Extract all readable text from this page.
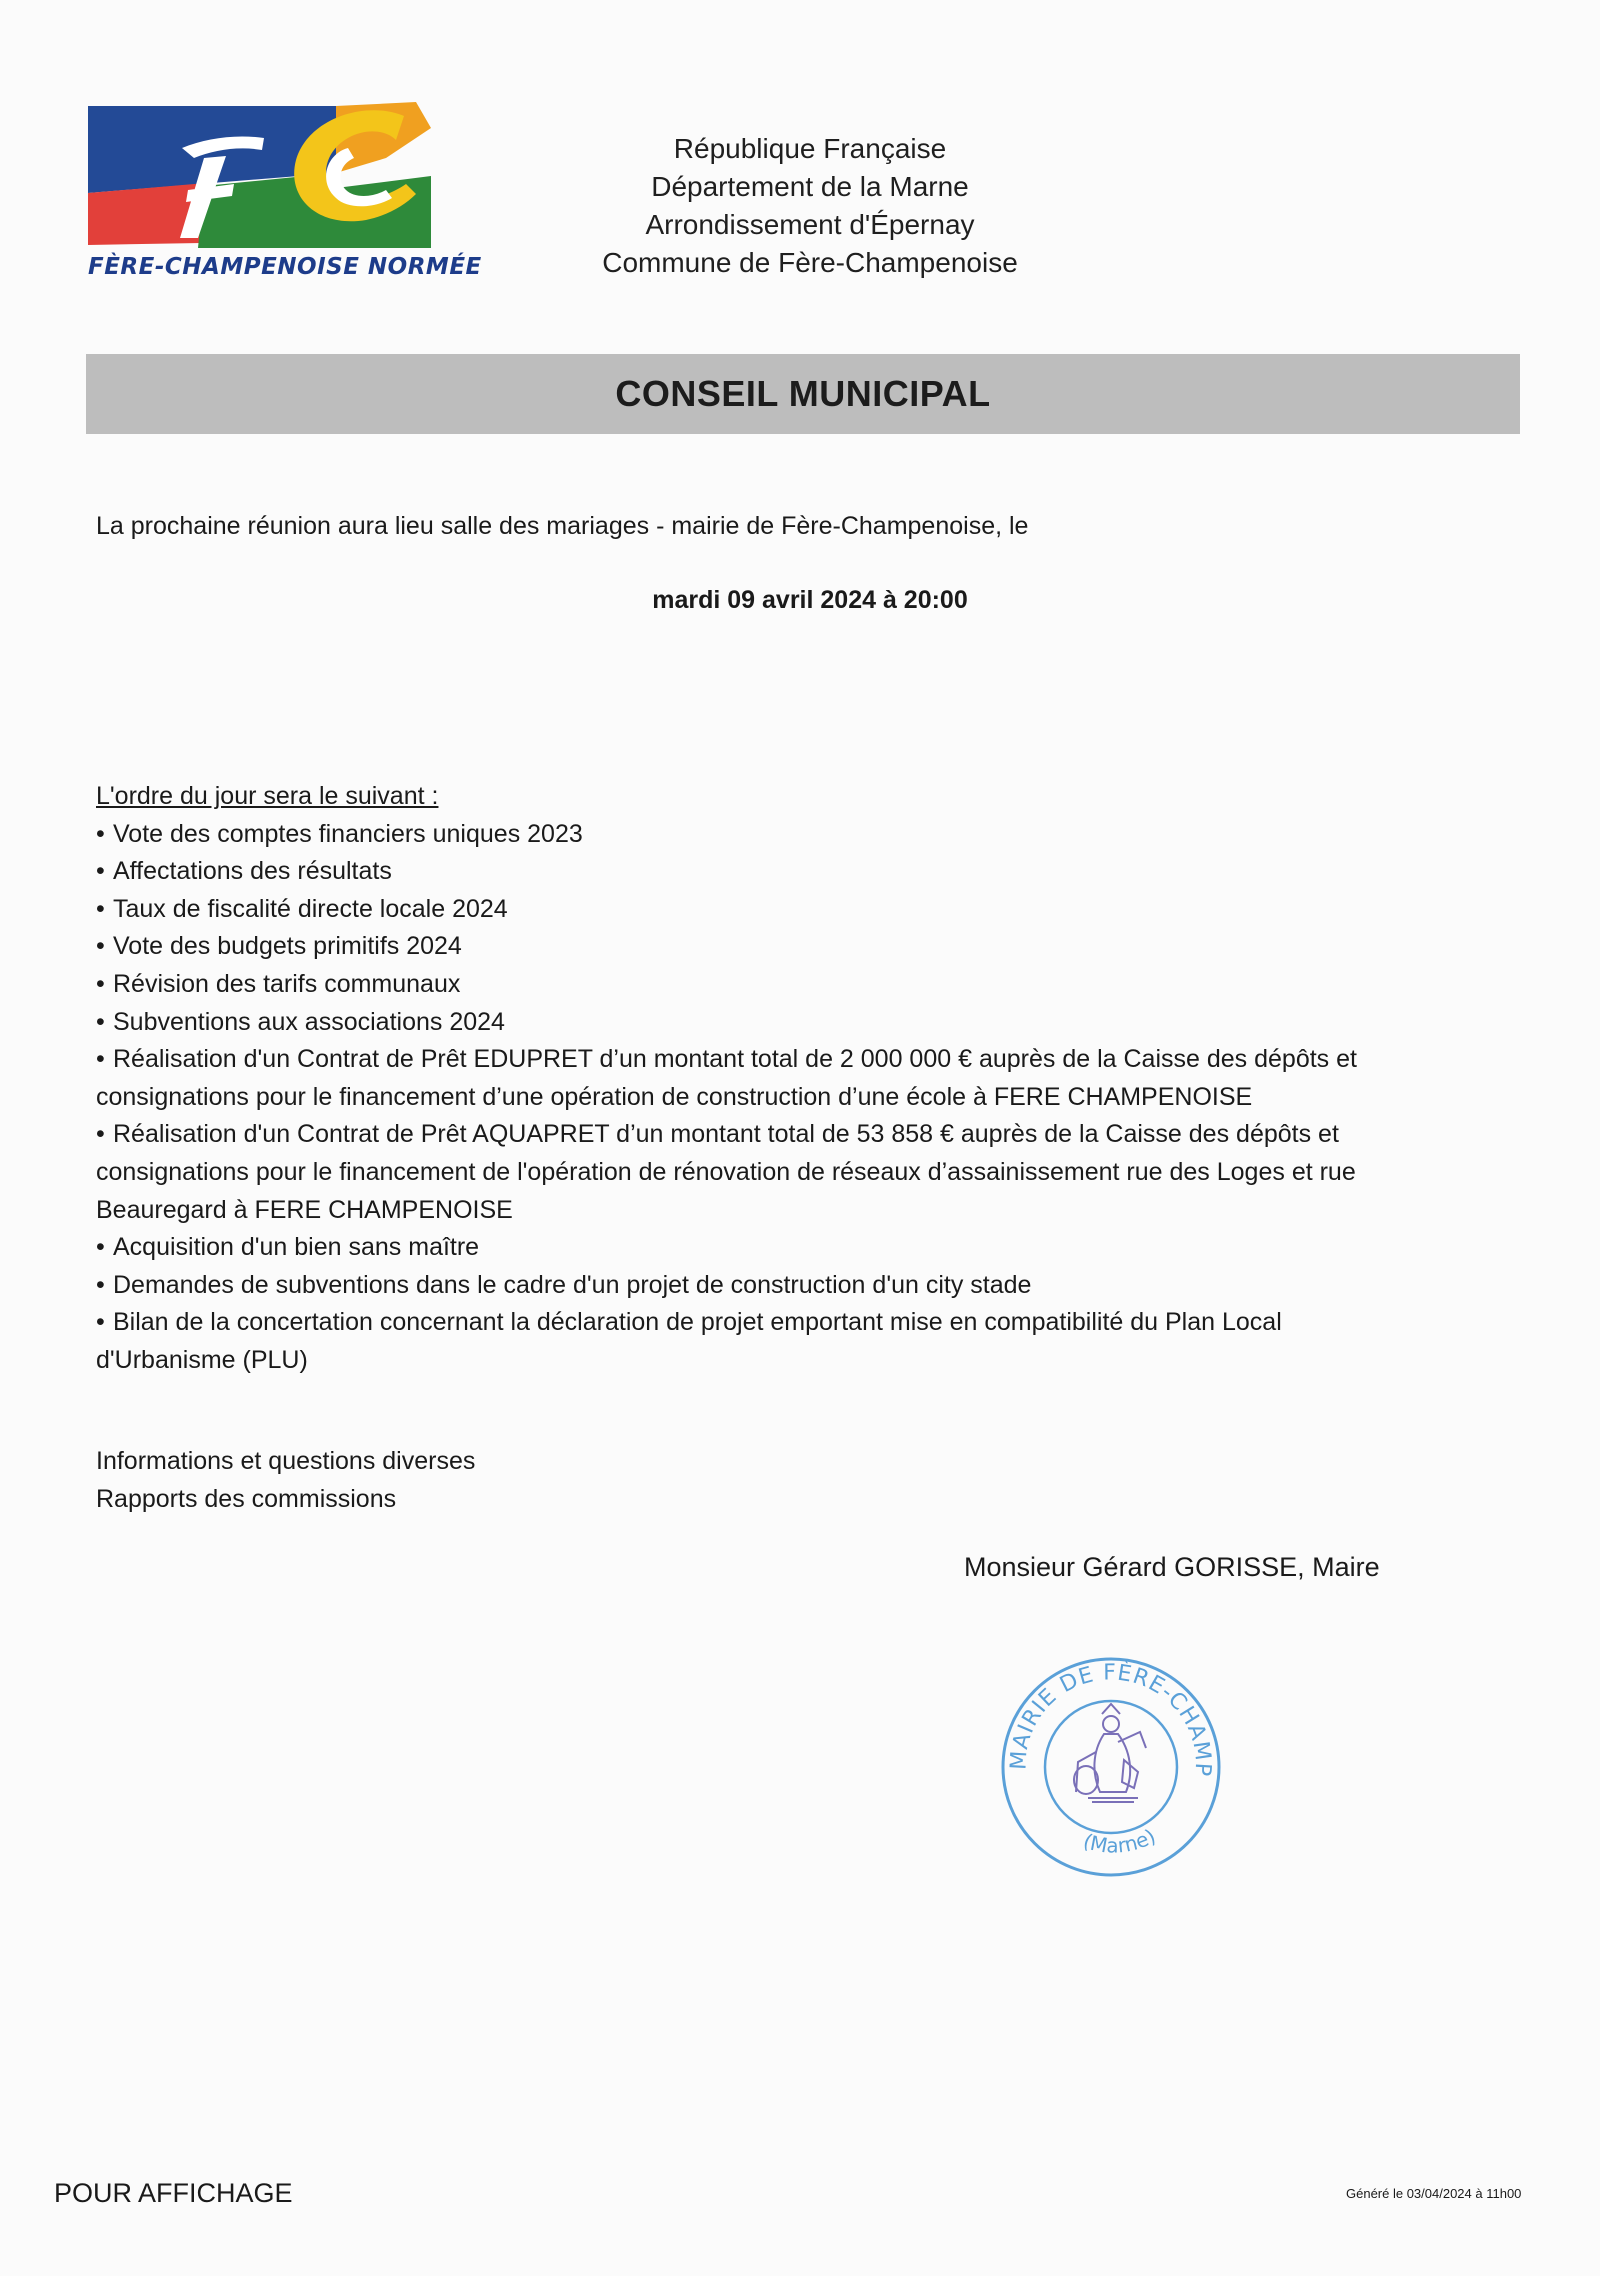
FÈRE-CHAMPENOISE NORMÉE
République Française
Département de la Marne
Arrondissement d'Épernay
Commune de Fère-Champenoise
CONSEIL MUNICIPAL
La prochaine réunion aura lieu salle des mariages - mairie de Fère-Champenoise, le
mardi 09 avril 2024 à 20:00
L'ordre du jour sera le suivant :
• Vote des comptes financiers uniques 2023
• Affectations des résultats
• Taux de fiscalité directe locale 2024
• Vote des budgets primitifs 2024
• Révision des tarifs communaux
• Subventions aux associations 2024
• Réalisation d'un Contrat de Prêt EDUPRET d’un montant total de 2 000 000 € auprès de la Caisse des dépôts et consignations pour le financement d’une opération de construction d’une école à FERE CHAMPENOISE
• Réalisation d'un Contrat de Prêt AQUAPRET d’un montant total de 53 858 € auprès de la Caisse des dépôts et consignations pour le financement de l'opération de rénovation de réseaux d’assainissement rue des Loges et rue Beauregard à FERE CHAMPENOISE
• Acquisition d'un bien sans maître
• Demandes de subventions dans le cadre d'un projet de construction d'un city stade
• Bilan de la concertation concernant la déclaration de projet emportant mise en compatibilité du Plan Local d'Urbanisme (PLU)
Informations et questions diverses
Rapports des commissions
Monsieur Gérard GORISSE, Maire
MAIRIE DE FÈRE-CHAMP
(Marne)
POUR AFFICHAGE	Généré le 03/04/2024 à 11h00
